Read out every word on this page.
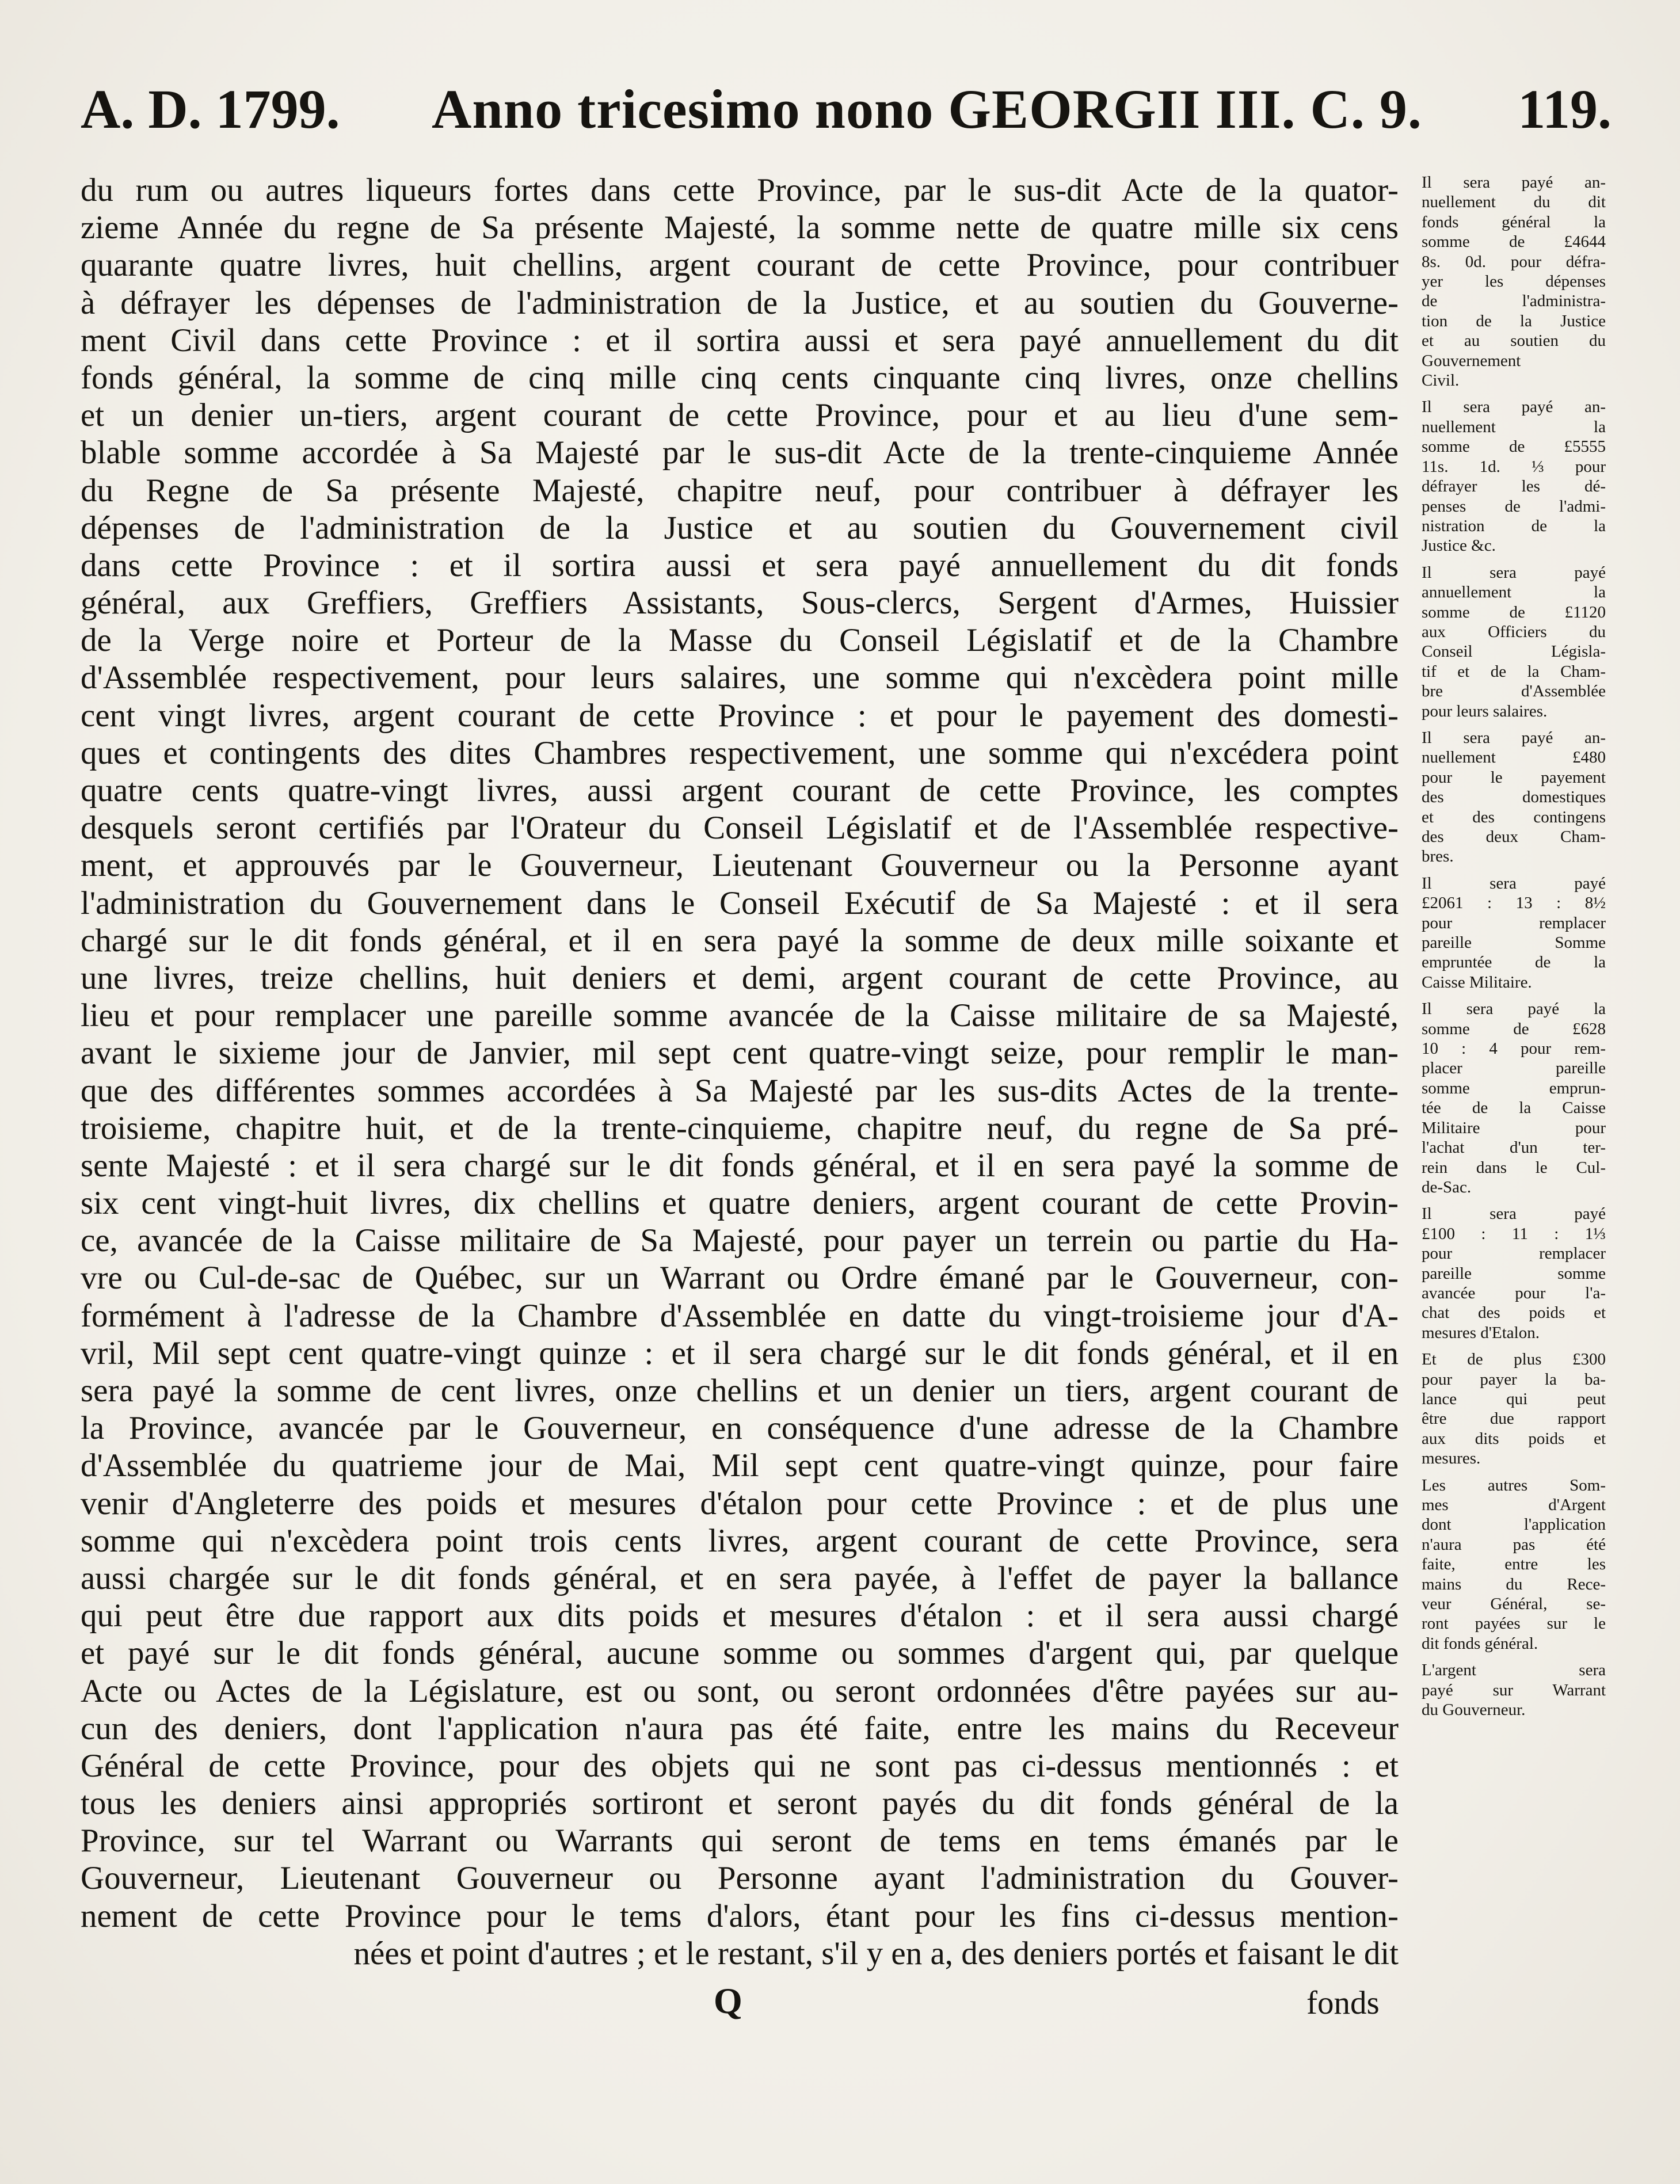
A. D. 1799. Anno tricesimo nono GEORGII III. C. 9. 119.
du rum ou autres liqueurs fortes dans cette Province, par le sus-dit Acte de la quator-
zieme Année du regne de Sa présente Majesté, la somme nette de quatre mille six cens
quarante quatre livres, huit chellins, argent courant de cette Province, pour contribuer
à défrayer les dépenses de l'administration de la Justice, et au soutien du Gouverne-
ment Civil dans cette Province : et il sortira aussi et sera payé annuellement du dit
fonds général, la somme de cinq mille cinq cents cinquante cinq livres, onze chellins
et un denier un-tiers, argent courant de cette Province, pour et au lieu d'une sem-
blable somme accordée à Sa Majesté par le sus-dit Acte de la trente-cinquieme Année
du Regne de Sa présente Majesté, chapitre neuf, pour contribuer à défrayer les
dépenses de l'administration de la Justice et au soutien du Gouvernement civil
dans cette Province : et il sortira aussi et sera payé annuellement du dit fonds
général, aux Greffiers, Greffiers Assistants, Sous-clercs, Sergent d'Armes, Huissier
de la Verge noire et Porteur de la Masse du Conseil Législatif et de la Chambre
d'Assemblée respectivement, pour leurs salaires, une somme qui n'excèdera point mille
cent vingt livres, argent courant de cette Province : et pour le payement des domesti-
ques et contingents des dites Chambres respectivement, une somme qui n'excédera point
quatre cents quatre-vingt livres, aussi argent courant de cette Province, les comptes
desquels seront certifiés par l'Orateur du Conseil Législatif et de l'Assemblée respective-
ment, et approuvés par le Gouverneur, Lieutenant Gouverneur ou la Personne ayant
l'administration du Gouvernement dans le Conseil Exécutif de Sa Majesté : et il sera
chargé sur le dit fonds général, et il en sera payé la somme de deux mille soixante et
une livres, treize chellins, huit deniers et demi, argent courant de cette Province, au
lieu et pour remplacer une pareille somme avancée de la Caisse militaire de sa Majesté,
avant le sixieme jour de Janvier, mil sept cent quatre-vingt seize, pour remplir le man-
que des différentes sommes accordées à Sa Majesté par les sus-dits Actes de la trente-
troisieme, chapitre huit, et de la trente-cinquieme, chapitre neuf, du regne de Sa pré-
sente Majesté : et il sera chargé sur le dit fonds général, et il en sera payé la somme de
six cent vingt-huit livres, dix chellins et quatre deniers, argent courant de cette Provin-
ce, avancée de la Caisse militaire de Sa Majesté, pour payer un terrein ou partie du Ha-
vre ou Cul-de-sac de Québec, sur un Warrant ou Ordre émané par le Gouverneur, con-
formément à l'adresse de la Chambre d'Assemblée en datte du vingt-troisieme jour d'A-
vril, Mil sept cent quatre-vingt quinze : et il sera chargé sur le dit fonds général, et il en
sera payé la somme de cent livres, onze chellins et un denier un tiers, argent courant de
la Province, avancée par le Gouverneur, en conséquence d'une adresse de la Chambre
d'Assemblée du quatrieme jour de Mai, Mil sept cent quatre-vingt quinze, pour faire
venir d'Angleterre des poids et mesures d'étalon pour cette Province : et de plus une
somme qui n'excèdera point trois cents livres, argent courant de cette Province, sera
aussi chargée sur le dit fonds général, et en sera payée, à l'effet de payer la ballance
qui peut être due rapport aux dits poids et mesures d'étalon : et il sera aussi chargé
et payé sur le dit fonds général, aucune somme ou sommes d'argent qui, par quelque
Acte ou Actes de la Législature, est ou sont, ou seront ordonnées d'être payées sur au-
cun des deniers, dont l'application n'aura pas été faite, entre les mains du Receveur
Général de cette Province, pour des objets qui ne sont pas ci-dessus mentionnés : et
tous les deniers ainsi appropriés sortiront et seront payés du dit fonds général de la
Province, sur tel Warrant ou Warrants qui seront de tems en tems émanés par le
Gouverneur, Lieutenant Gouverneur ou Personne ayant l'administration du Gouver-
nement de cette Province pour le tems d'alors, étant pour les fins ci-dessus mention-
nées et point d'autres ; et le restant, s'il y en a, des deniers portés et faisant le dit
Il sera payé an-
nuellement du dit
fonds général la
somme de £4644
8s. 0d. pour défra-
yer les dépenses
de l'administra-
tion de la Justice
et au soutien du
Gouvernement
Civil.
Il sera payé an-
nuellement la
somme de £5555
11s. 1d. ⅓ pour
défrayer les dé-
penses de l'admi-
nistration de la
Justice &c.
Il sera payé
annuellement la
somme de £1120
aux Officiers du
Conseil Législa-
tif et de la Cham-
bre d'Assemblée
pour leurs salaires.
Il sera payé an-
nuellement £480
pour le payement
des domestiques
et des contingens
des deux Cham-
bres.
Il sera payé
£2061 : 13 : 8½
pour remplacer
pareille Somme
empruntée de la
Caisse Militaire.
Il sera payé la
somme de £628
10 : 4 pour rem-
placer pareille
somme emprun-
tée de la Caisse
Militaire pour
l'achat d'un ter-
rein dans le Cul-
de-Sac.
Il sera payé
£100 : 11 : 1⅓
pour remplacer
pareille somme
avancée pour l'a-
chat des poids et
mesures d'Etalon.
Et de plus £300
pour payer la ba-
lance qui peut
être due rapport
aux dits poids et
mesures.
Les autres Som-
mes d'Argent
dont l'application
n'aura pas été
faite, entre les
mains du Rece-
veur Général, se-
ront payées sur le
dit fonds général.
L'argent sera
payé sur Warrant
du Gouverneur.
Q	fonds
